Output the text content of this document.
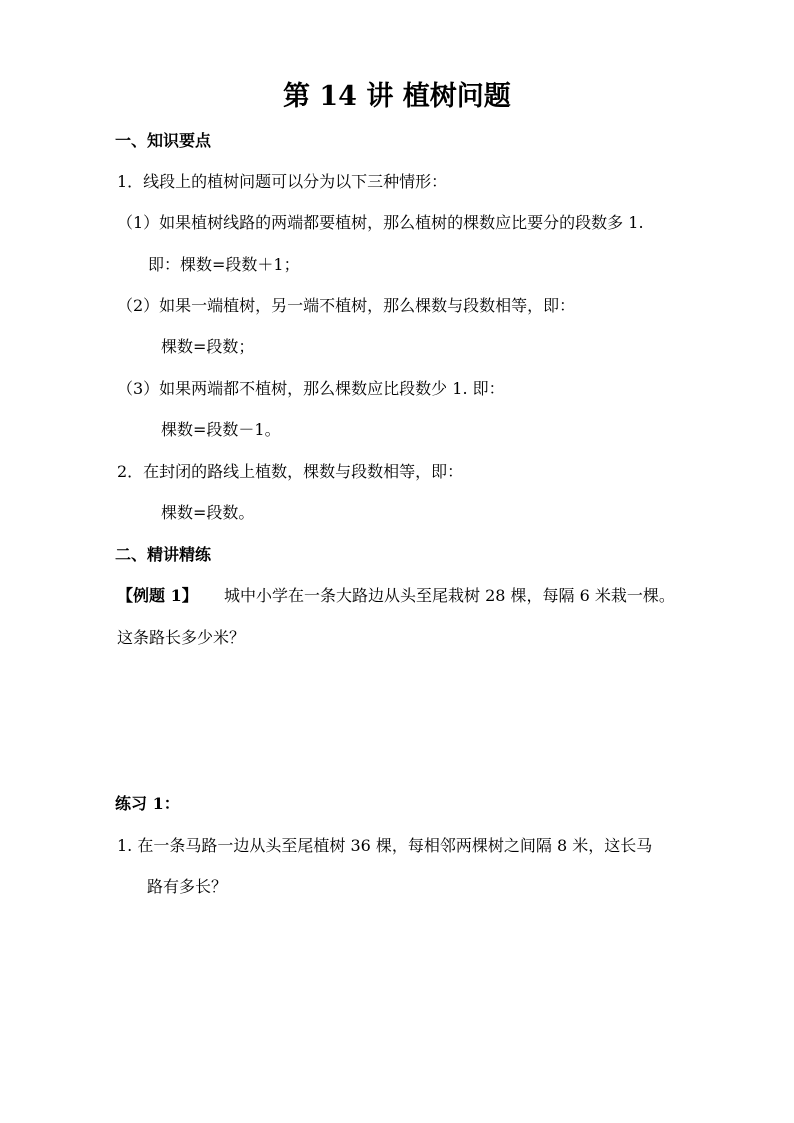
第 14 讲 植树问题
一、知识要点
1．线段上的植树问题可以分为以下三种情形：
（1）如果植树线路的两端都要植树，那么植树的棵数应比要分的段数多 1.
即：棵数=段数＋1；
（2）如果一端植树，另一端不植树，那么棵数与段数相等，即：
棵数=段数；
（3）如果两端都不植树，那么棵数应比段数少 1. 即：
棵数=段数－1。
2．在封闭的路线上植数，棵数与段数相等，即：
棵数=段数。
二、精讲精练
【例题 1】 城中小学在一条大路边从头至尾栽树 28 棵，每隔 6 米栽一棵。
这条路长多少米？
练习 1：
1. 在一条马路一边从头至尾植树 36 棵，每相邻两棵树之间隔 8 米，这长马
路有多长？
